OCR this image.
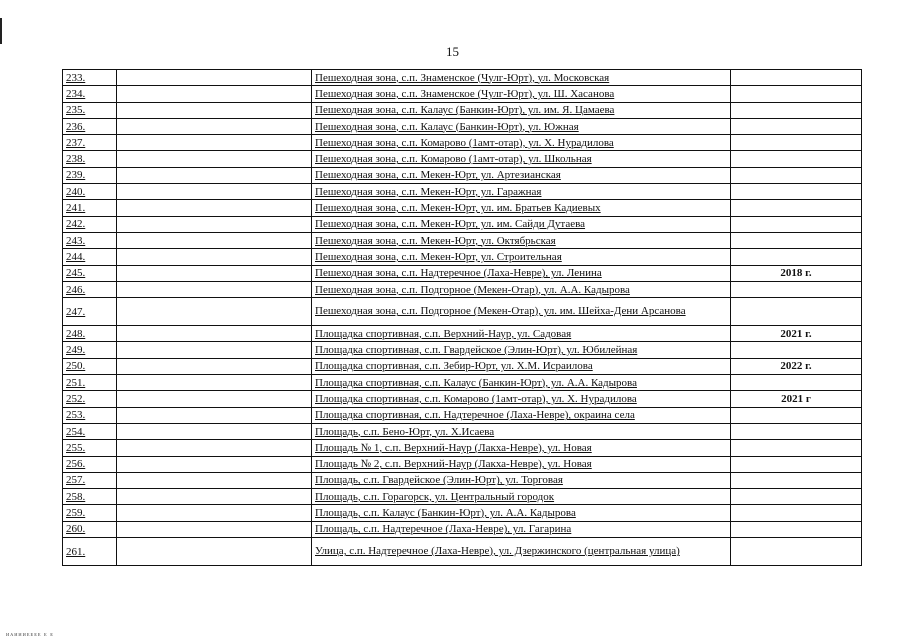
15
233.		Пешеходная зона, с.п. Знаменское (Чулг-Юрт), ул. Московская	
234.		Пешеходная зона, с.п. Знаменское (Чулг-Юрт), ул. Ш. Хасанова	
235.		Пешеходная зона, с.п. Калаус (Банкин-Юрт), ул. им. Я. Цамаева	
236.		Пешеходная зона, с.п. Калаус (Банкин-Юрт), ул. Южная	
237.		Пешеходная зона, с.п. Комарово (1амт-отар), ул. Х. Нурадилова	
238.		Пешеходная зона, с.п. Комарово (1амт-отар), ул. Школьная	
239.		Пешеходная зона, с.п. Мекен-Юрт, ул. Артезианская	
240.		Пешеходная зона, с.п. Мекен-Юрт, ул. Гаражная	
241.		Пешеходная зона, с.п. Мекен-Юрт, ул. им. Братьев Кадиевых	
242.		Пешеходная зона, с.п. Мекен-Юрт, ул. им. Сайди Дутаева	
243.		Пешеходная зона, с.п. Мекен-Юрт, ул. Октябрьская	
244.		Пешеходная зона, с.п. Мекен-Юрт, ул. Строительная	
245.		Пешеходная зона, с.п. Надтеречное (Лаха-Невре), ул. Ленина	2018 г.
246.		Пешеходная зона, с.п. Подгорное (Мекен-Отар), ул. А.А. Кадырова	
247.		Пешеходная зона, с.п. Подгорное (Мекен-Отар), ул. им. Шейха-Дени Арсанова	
248.		Площадка спортивная, с.п. Верхний-Наур, ул. Садовая	2021 г.
249.		Площадка спортивная, с.п. Гвардейское (Элин-Юрт), ул. Юбилейная	
250.		Площадка спортивная, с.п. Зебир-Юрт, ул. Х.М. Исраилова	2022 г.
251.		Площадка спортивная, с.п. Калаус (Банкин-Юрт), ул. А.А. Кадырова	
252.		Площадка спортивная, с.п. Комарово (1амт-отар), ул. Х. Нурадилова	2021 г
253.		Площадка спортивная, с.п. Надтеречное (Лаха-Невре), окраина села	
254.		Площадь, с.п. Бено-Юрт, ул. Х.Исаева	
255.		Площадь № 1, с.п. Верхний-Наур (Лакха-Невре), ул. Новая	
256.		Площадь № 2, с.п. Верхний-Наур (Лакха-Невре), ул. Новая	
257.		Площадь, с.п. Гвардейское (Элин-Юрт), ул. Торговая	
258.		Площадь, с.п. Горагорск, ул. Центральный городок	
259.		Площадь, с.п. Калаус (Банкин-Юрт), ул. А.А. Кадырова	
260.		Площадь, с.п. Надтеречное (Лаха-Невре), ул. Гагарина	
261.		Улица, с.п. Надтеречное (Лаха-Невре), ул. Дзержинского (центральная улица)	
ᴎᴀᴎᴎᴎᴇᴇᴇᴇ ᴇ ᴇ
